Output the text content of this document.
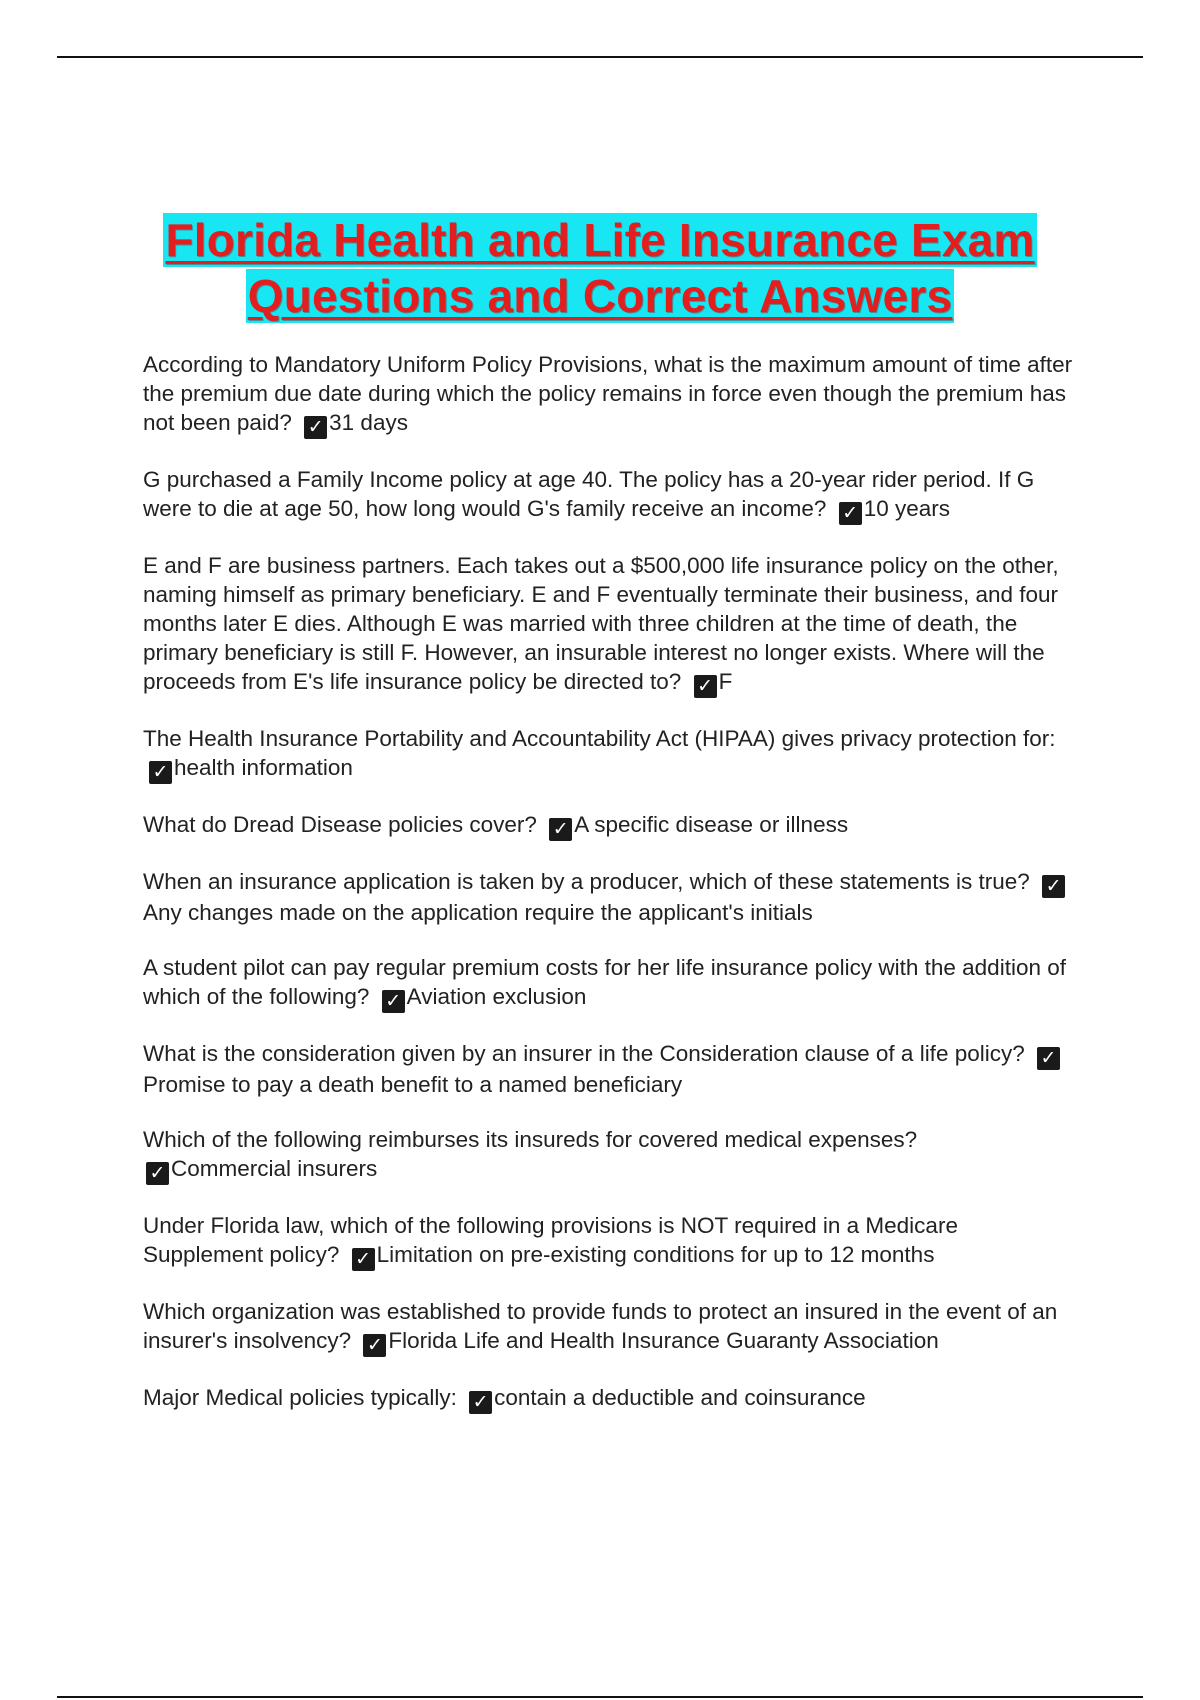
Florida Health and Life Insurance Exam
Questions and Correct Answers

According to Mandatory Uniform Policy Provisions, what is the maximum amount of time after the premium due date during which the policy remains in force even though the premium has not been paid? ✓ 31 days

G purchased a Family Income policy at age 40. The policy has a 20-year rider period. If G were to die at age 50, how long would G's family receive an income? ✓ 10 years

E and F are business partners. Each takes out a $500,000 life insurance policy on the other, naming himself as primary beneficiary. E and F eventually terminate their business, and four months later E dies. Although E was married with three children at the time of death, the primary beneficiary is still F. However, an insurable interest no longer exists. Where will the proceeds from E's life insurance policy be directed to? ✓ F

The Health Insurance Portability and Accountability Act (HIPAA) gives privacy protection for: ✓ health information

What do Dread Disease policies cover? ✓ A specific disease or illness

When an insurance application is taken by a producer, which of these statements is true? ✓Any changes made on the application require the applicant's initials

A student pilot can pay regular premium costs for her life insurance policy with the addition of which of the following? ✓ Aviation exclusion

What is the consideration given by an insurer in the Consideration clause of a life policy? ✓Promise to pay a death benefit to a named beneficiary

Which of the following reimburses its insureds for covered medical expenses?
✓ Commercial insurers

Under Florida law, which of the following provisions is NOT required in a Medicare Supplement policy? ✓ Limitation on pre-existing conditions for up to 12 months

Which organization was established to provide funds to protect an insured in the event of an insurer's insolvency? ✓ Florida Life and Health Insurance Guaranty Association

Major Medical policies typically: ✓ contain a deductible and coinsurance
